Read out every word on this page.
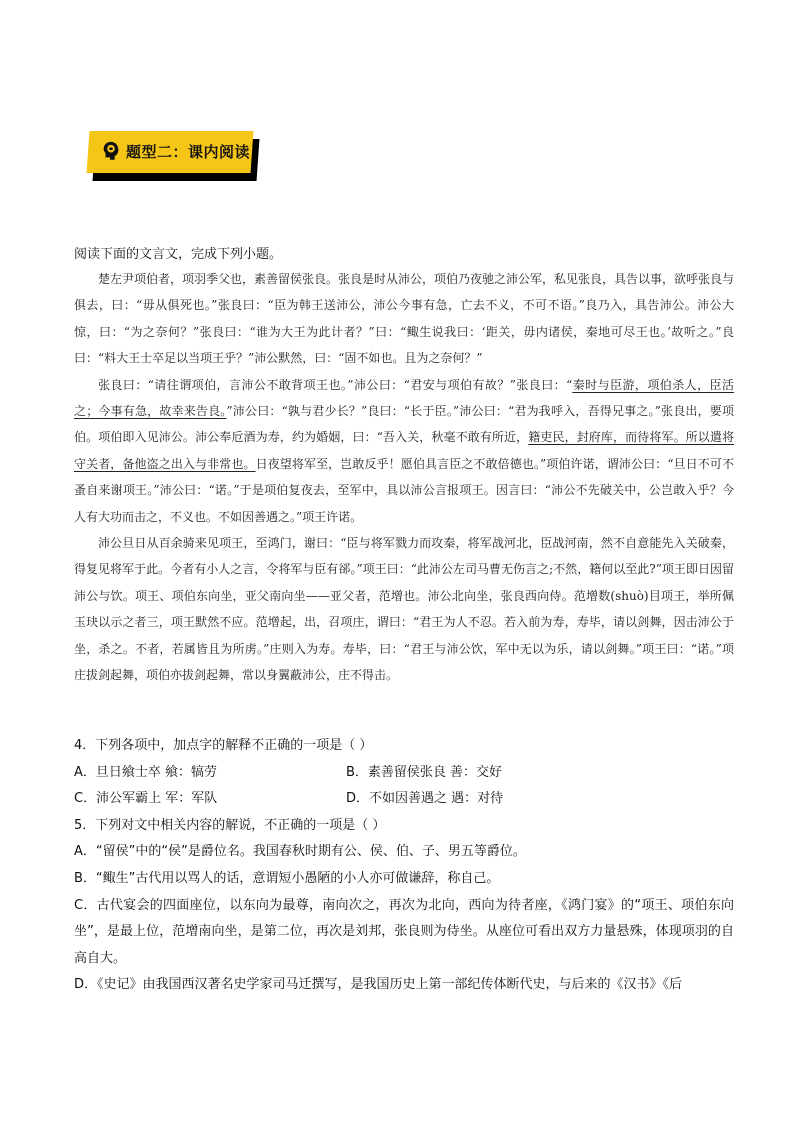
题型二：课内阅读
阅读下面的文言文，完成下列小题。

楚左尹项伯者，项羽季父也，素善留侯张良。张良是时从沛公，项伯乃夜驰之沛公军，私见张良，具告以事，欲呼张良与俱去，曰：“毋从俱死也。”张良曰：“臣为韩王送沛公，沛公今事有急，亡去不义，不可不语。”良乃入，具告沛公。沛公大惊，曰：“为之奈何？”张良曰：“谁为大王为此计者？”曰：“鲰生说我曰：‘距关，毋内诸侯，秦地可尽王也。’故听之。”良曰：“料大王士卒足以当项王乎？”沛公默然，曰：“固不如也。且为之奈何？”

张良曰：“请往谓项伯，言沛公不敢背项王也。”沛公曰：“君安与项伯有故？”张良曰：“秦时与臣游，项伯杀人，臣活之；今事有急，故幸来告良。”沛公曰：“孰与君少长？”良曰：“长于臣。”沛公曰：“君为我呼入，吾得兄事之。”张良出，要项伯。项伯即入见沛公。沛公奉卮酒为寿，约为婚姻，曰：“吾入关，秋毫不敢有所近，籍吏民，封府库，而待将军。所以遣将守关者，备他盗之出入与非常也。日夜望将军至，岂敢反乎！愿伯具言臣之不敢倍德也。”项伯许诺，谓沛公曰：“旦日不可不蚤自来谢项王。”沛公曰：“诺。”于是项伯复夜去，至军中，具以沛公言报项王。因言曰：“沛公不先破关中，公岂敢入乎？今人有大功而击之，不义也。不如因善遇之。”项王许诺。

沛公旦日从百余骑来见项王，至鸿门，谢曰：“臣与将军戮力而攻秦，将军战河北，臣战河南，然不自意能先入关破秦，得复见将军于此。今者有小人之言，令将军与臣有郤。”项王曰：“此沛公左司马曹无伤言之;不然，籍何以至此?”项王即日因留沛公与饮。项王、项伯东向坐，亚父南向坐——亚父者，范增也。沛公北向坐，张良西向侍。范增数(shuò)目项王，举所佩玉玦以示之者三，项王默然不应。范增起，出，召项庄，谓曰：“君王为人不忍。若入前为寿，寿毕，请以剑舞，因击沛公于坐，杀之。不者，若属皆且为所虏。”庄则入为寿。寿毕，曰：“君王与沛公饮，军中无以为乐，请以剑舞。”项王曰：“诺。”项庄拔剑起舞，项伯亦拔剑起舞，常以身翼蔽沛公，庄不得击。

4．下列各项中，加点字的解释不正确的一项是（ ）
A．旦日飨士卒 飨：犒劳	B．素善留侯张良 善：交好
C．沛公军霸上 军：军队	D．不如因善遇之 遇：对待
5．下列对文中相关内容的解说，不正确的一项是（ ）
A．“留侯”中的“侯”是爵位名。我国春秋时期有公、侯、伯、子、男五等爵位。
B．“鲰生”古代用以骂人的话，意谓短小愚陋的小人亦可做谦辞，称自己。
C．古代宴会的四面座位，以东向为最尊，南向次之，再次为北向，西向为待者座，《鸿门宴》的“项王、项伯东向坐”，是最上位，范增南向坐，是第二位，再次是刘邦，张良则为侍坐。从座位可看出双方力量悬殊，体现项羽的自高自大。
D．《史记》由我国西汉著名史学家司马迁撰写，是我国历史上第一部纪传体断代史，与后来的《汉书》《后
